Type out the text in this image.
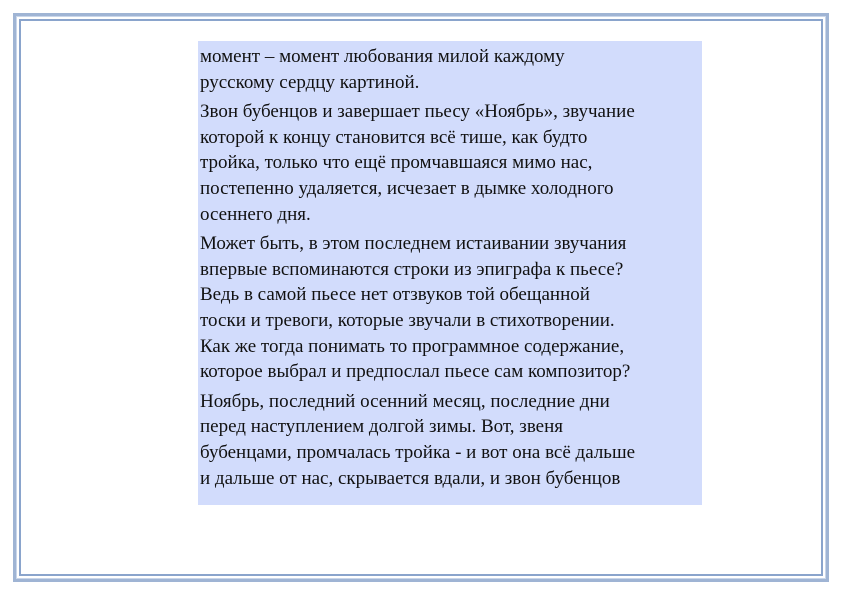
момент – момент любования милой каждому
русскому сердцу картиной.

Звон бубенцов и завершает пьесу «Ноябрь», звучание
которой к концу становится всё тише, как будто
тройка, только что ещё промчавшаяся мимо нас,
постепенно удаляется, исчезает в дымке холодного
осеннего дня.

Может быть, в этом последнем истаивании звучания
впервые вспоминаются строки из эпиграфа к пьесе?
Ведь в самой пьесе нет отзвуков той обещанной
тоски и тревоги, которые звучали в стихотворении.
Как же тогда понимать то программное содержание,
которое выбрал и предпослал пьесе сам композитор?

Ноябрь, последний осенний месяц, последние дни
перед наступлением долгой зимы. Вот, звеня
бубенцами, промчалась тройка - и вот она всё дальше
и дальше от нас, скрывается вдали, и звон бубенцов
